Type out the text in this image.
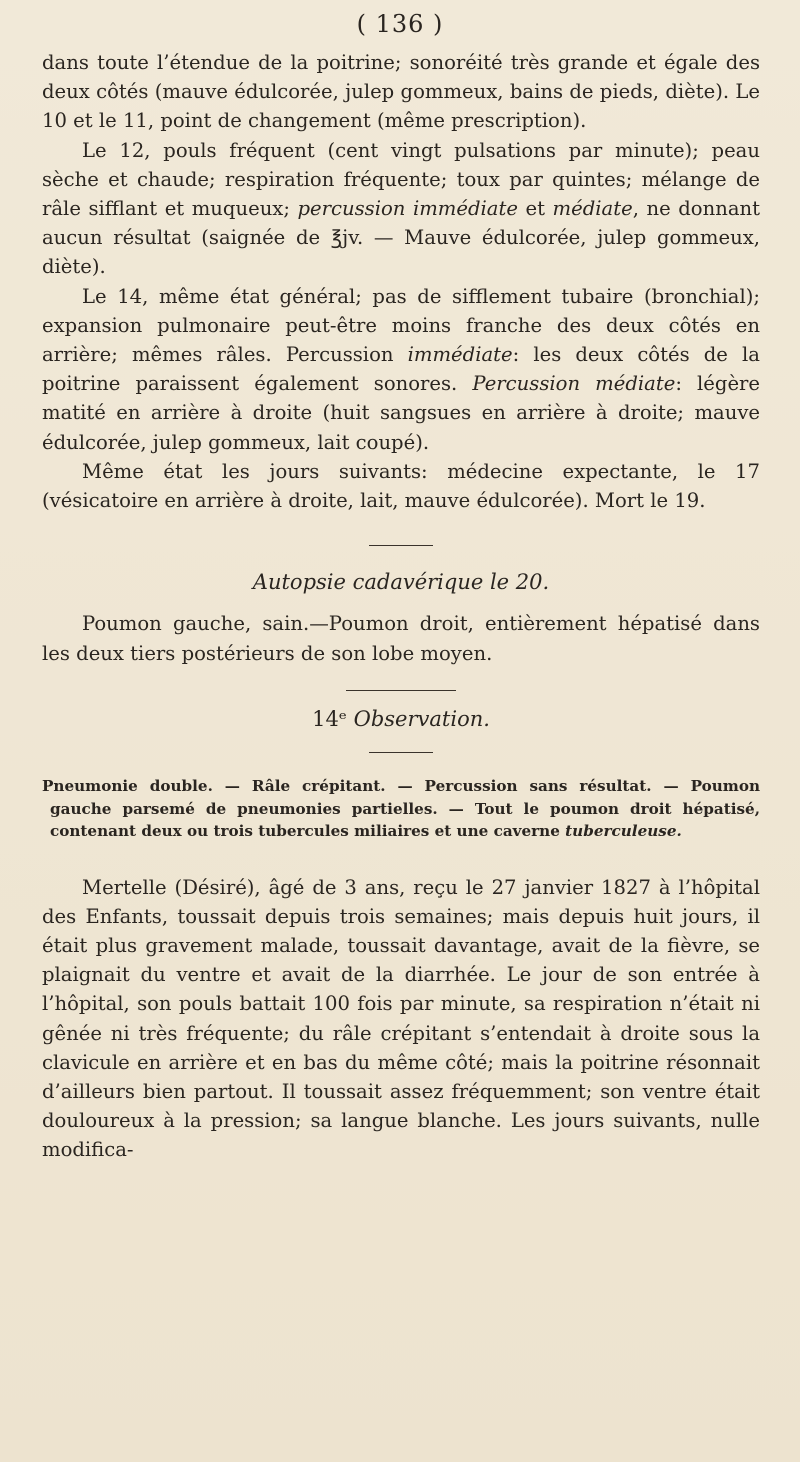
( 136 )

dans toute l’étendue de la poitrine; sonoréité très grande et égale des deux côtés (mauve édulcorée, julep gommeux, bains de pieds, diète). Le 10 et le 11, point de changement (même prescription).

Le 12, pouls fréquent (cent vingt pulsations par minute); peau sèche et chaude; respiration fréquente; toux par quintes; mélange de râle sifflant et muqueux; percussion immédiate et médiate, ne donnant aucun résultat (saignée de ℥jv. — Mauve édulcorée, julep gommeux, diète).

Le 14, même état général; pas de sifflement tubaire (bronchial); expansion pulmonaire peut-être moins franche des deux côtés en arrière; mêmes râles. Percussion immédiate: les deux côtés de la poitrine paraissent également sonores. Percussion médiate: légère matité en arrière à droite (huit sangsues en arrière à droite; mauve édulcorée, julep gommeux, lait coupé).

Même état les jours suivants: médecine expectante, le 17 (vésicatoire en arrière à droite, lait, mauve édulcorée). Mort le 19.

Autopsie cadavérique le 20.

Poumon gauche, sain.—Poumon droit, entièrement hépatisé dans les deux tiers postérieurs de son lobe moyen.

14ᵉ Observation.

Pneumonie double. — Râle crépitant. — Percussion sans résultat. — Poumon gauche parsemé de pneumonies partielles. — Tout le poumon droit hépatisé, contenant deux ou trois tubercules miliaires et une caverne tuberculeuse.

Mertelle (Désiré), âgé de 3 ans, reçu le 27 janvier 1827 à l’hôpital des Enfants, toussait depuis trois semaines; mais depuis huit jours, il était plus gravement malade, toussait davantage, avait de la fièvre, se plaignait du ventre et avait de la diarrhée. Le jour de son entrée à l’hôpital, son pouls battait 100 fois par minute, sa respiration n’était ni gênée ni très fréquente; du râle crépitant s’entendait à droite sous la clavicule en arrière et en bas du même côté; mais la poitrine résonnait d’ailleurs bien partout. Il toussait assez fréquemment; son ventre était douloureux à la pression; sa langue blanche. Les jours suivants, nulle modifica-
